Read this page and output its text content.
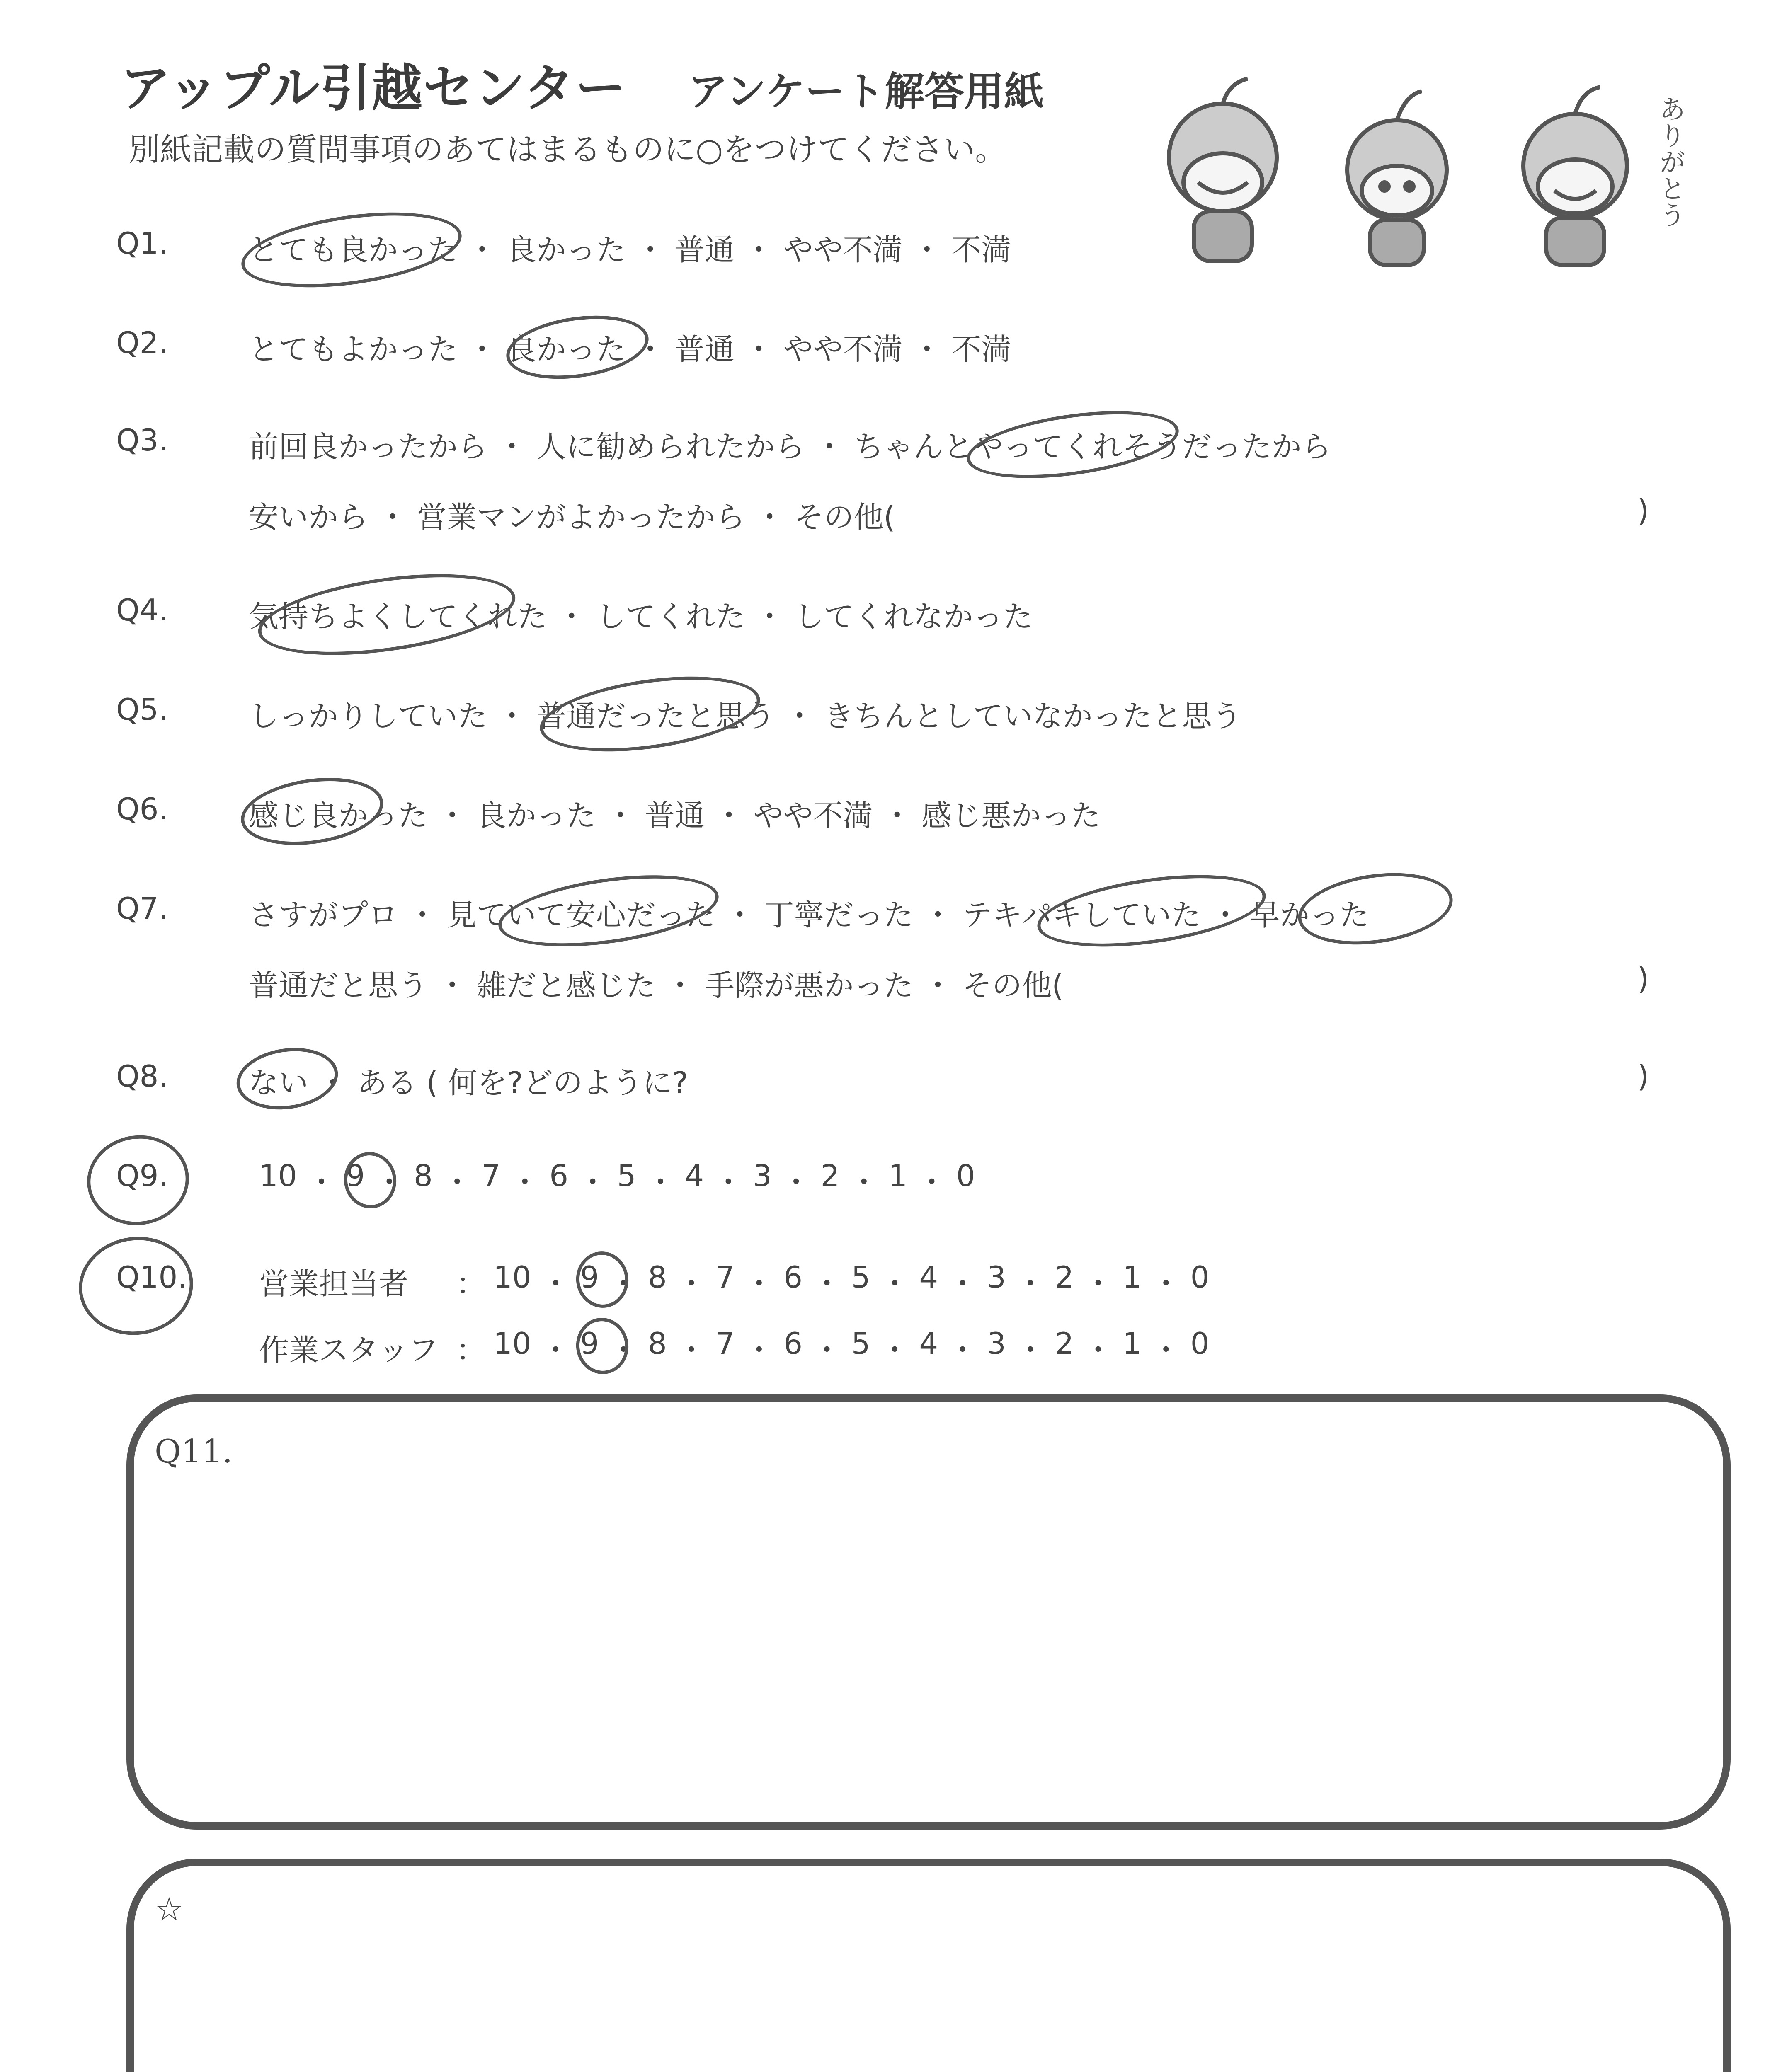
アップル引越センター アンケート解答用紙
別紙記載の質問事項のあてはまるものに○をつけてください。	ありがとう
Q1.	とても良かった ・ 良かった ・ 普通 ・ やや不満 ・ 不満
Q2.	とてもよかった ・ 良かった ・ 普通 ・ やや不満 ・ 不満
Q3.	前回良かったから ・ 人に勧められたから ・ ちゃんとやってくれそうだったから
安いから ・ 営業マンがよかったから ・ その他(	)
Q4.	気持ちよくしてくれた ・ してくれた ・ してくれなかった
Q5.	しっかりしていた ・ 普通だったと思う ・ きちんとしていなかったと思う
Q6.	感じ良かった ・ 良かった ・ 普通 ・ やや不満 ・ 感じ悪かった
Q7.	さすがプロ ・ 見ていて安心だった ・ 丁寧だった ・ テキパキしていた ・ 早かった
普通だと思う ・ 雑だと感じた ・ 手際が悪かった ・ その他(	)
Q8.	ない ・ ある ( 何を?どのように?	)
Q9.	10 ・ 9 ・ 8 ・ 7 ・ 6 ・ 5 ・ 4 ・ 3 ・ 2 ・ 1 ・ 0
Q10. 営業担当者 ： 10 ・ 9 ・ 8 ・ 7 ・ 6 ・ 5 ・ 4 ・ 3 ・ 2 ・ 1 ・ 0
作業スタッフ ： 10 ・ 9 ・ 8 ・ 7 ・ 6 ・ 5 ・ 4 ・ 3 ・ 2 ・ 1 ・ 0
Q11.
☆
